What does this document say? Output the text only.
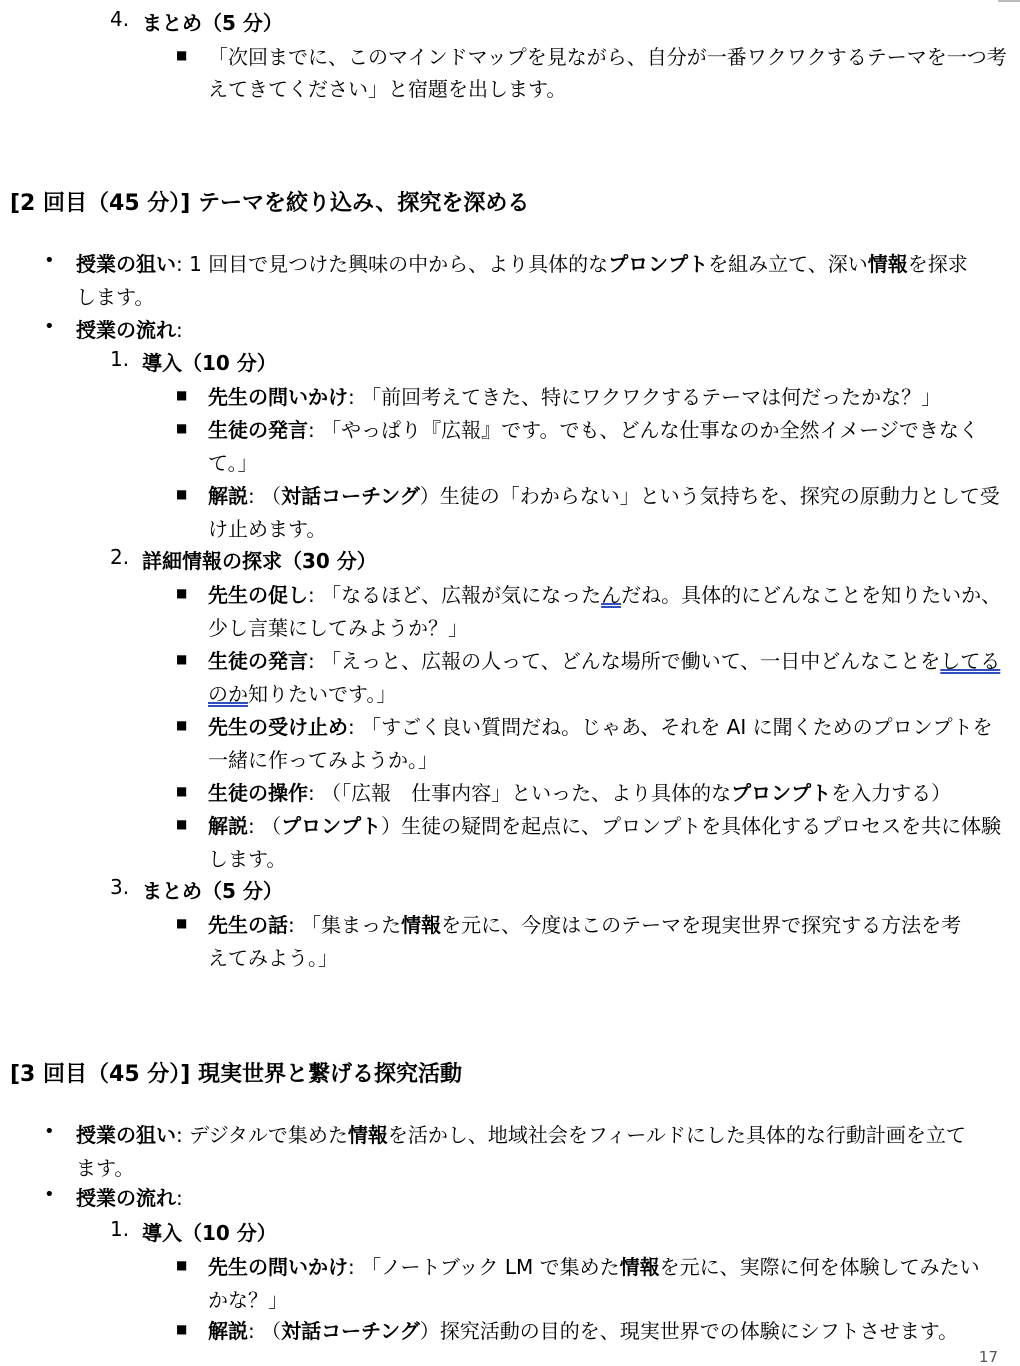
4. まとめ（5 分）
■ 「次回までに、このマインドマップを見ながら、自分が一番ワクワクするテーマを一つ考
えてきてください」と宿題を出します。
[2 回目（45 分）] テーマを絞り込み、探究を深める
• 授業の狙い: 1 回目で見つけた興味の中から、より具体的なプロンプトを組み立て、深い情報を探求
します。
• 授業の流れ:
1. 導入（10 分）
■ 先生の問いかけ: 「前回考えてきた、特にワクワクするテーマは何だったかな？」
■ 生徒の発言: 「やっぱり『広報』です。でも、どんな仕事なのか全然イメージできなく
て。」
■ 解説: （対話コーチング）生徒の「わからない」という気持ちを、探究の原動力として受
け止めます。
2. 詳細情報の探求（30 分）
■ 先生の促し: 「なるほど、広報が気になったんだね。具体的にどんなことを知りたいか、
少し言葉にしてみようか？」
■ 生徒の発言: 「えっと、広報の人って、どんな場所で働いて、一日中どんなことをしてる
のか知りたいです。」
■ 先生の受け止め: 「すごく良い質問だね。じゃあ、それを AI に聞くためのプロンプトを
一緒に作ってみようか。」
■ 生徒の操作: （「広報　仕事内容」といった、より具体的なプロンプトを入力する）
■ 解説: （プロンプト）生徒の疑問を起点に、プロンプトを具体化するプロセスを共に体験
します。
3. まとめ（5 分）
■ 先生の話: 「集まった情報を元に、今度はこのテーマを現実世界で探究する方法を考
えてみよう。」
[3 回目（45 分）] 現実世界と繋げる探究活動
• 授業の狙い: デジタルで集めた情報を活かし、地域社会をフィールドにした具体的な行動計画を立て
ます。
• 授業の流れ:
1. 導入（10 分）
■ 先生の問いかけ: 「ノートブック LM で集めた情報を元に、実際に何を体験してみたい
かな？」
■ 解説: （対話コーチング）探究活動の目的を、現実世界での体験にシフトさせます。
17
